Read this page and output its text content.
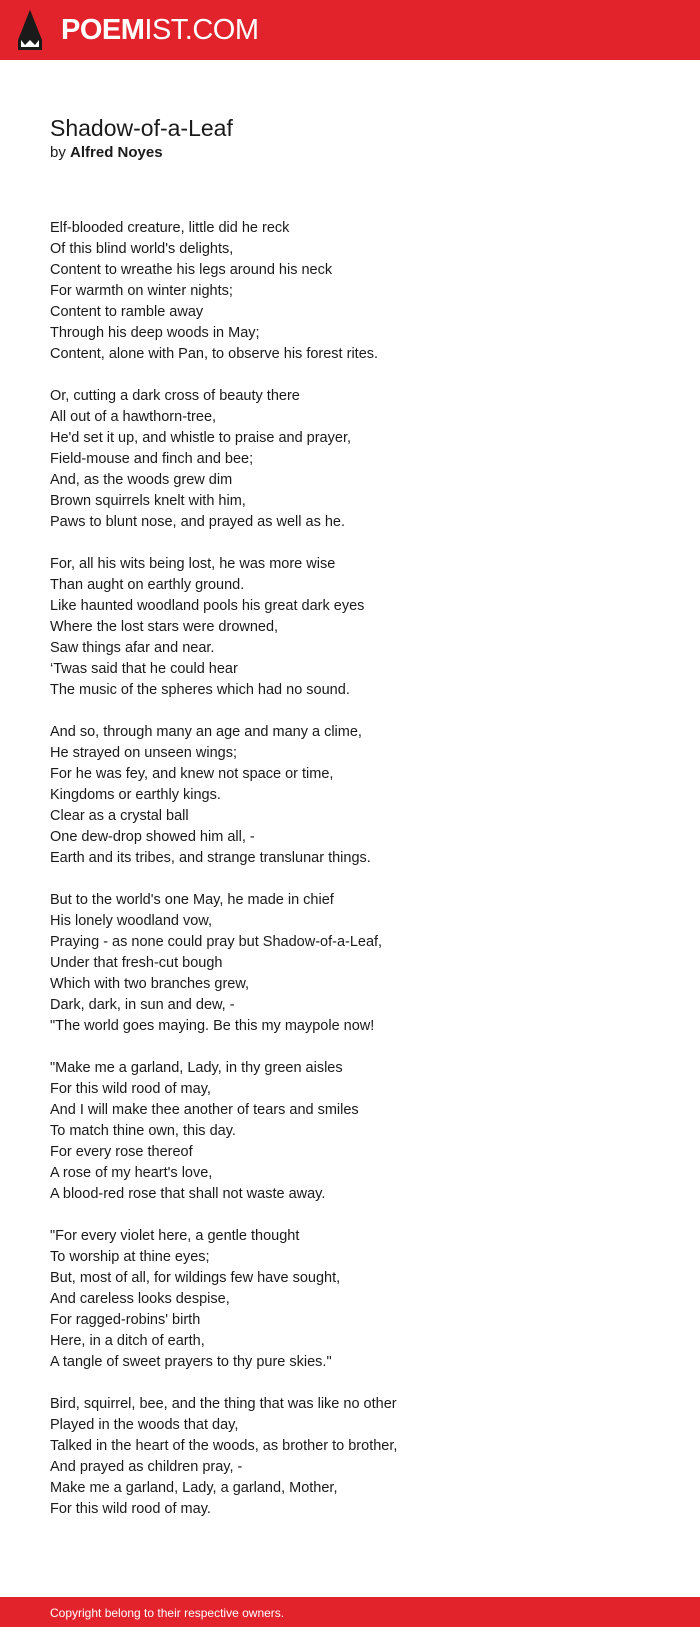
POEMIST.COM
Shadow-of-a-Leaf
by Alfred Noyes
Elf-blooded creature, little did he reck
Of this blind world's delights,
Content to wreathe his legs around his neck
For warmth on winter nights;
Content to ramble away
Through his deep woods in May;
Content, alone with Pan, to observe his forest rites.
Or, cutting a dark cross of beauty there
All out of a hawthorn-tree,
He'd set it up, and whistle to praise and prayer,
Field-mouse and finch and bee;
And, as the woods grew dim
Brown squirrels knelt with him,
Paws to blunt nose, and prayed as well as he.
For, all his wits being lost, he was more wise
Than aught on earthly ground.
Like haunted woodland pools his great dark eyes
Where the lost stars were drowned,
Saw things afar and near.
‘Twas said that he could hear
The music of the spheres which had no sound.
And so, through many an age and many a clime,
He strayed on unseen wings;
For he was fey, and knew not space or time,
Kingdoms or earthly kings.
Clear as a crystal ball
One dew-drop showed him all, -
Earth and its tribes, and strange translunar things.
But to the world's one May, he made in chief
His lonely woodland vow,
Praying - as none could pray but Shadow-of-a-Leaf,
Under that fresh-cut bough
Which with two branches grew,
Dark, dark, in sun and dew, -
"The world goes maying. Be this my maypole now!
"Make me a garland, Lady, in thy green aisles
For this wild rood of may,
And I will make thee another of tears and smiles
To match thine own, this day.
For every rose thereof
A rose of my heart's love,
A blood-red rose that shall not waste away.
"For every violet here, a gentle thought
To worship at thine eyes;
But, most of all, for wildings few have sought,
And careless looks despise,
For ragged-robins' birth
Here, in a ditch of earth,
A tangle of sweet prayers to thy pure skies."
Bird, squirrel, bee, and the thing that was like no other
Played in the woods that day,
Talked in the heart of the woods, as brother to brother,
And prayed as children pray, -
Make me a garland, Lady, a garland, Mother,
For this wild rood of may.
Copyright belong to their respective owners.
